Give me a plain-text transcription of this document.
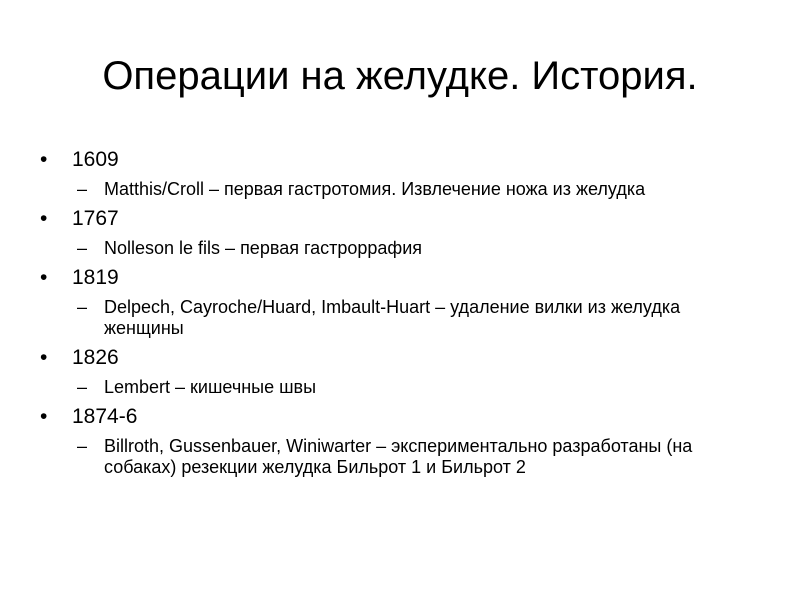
Операции на желудке. История.
• 1609
– Matthis/Croll – первая гастротомия. Извлечение ножа из желудка
• 1767
– Nolleson le fils – первая гастроррафия
• 1819
– Delpech, Cayroche/Huard, Imbault-Huart – удаление вилки из желудка женщины
• 1826
– Lembert – кишечные швы
• 1874-6
– Billroth, Gussenbauer, Winiwarter – экспериментально разработаны (на собаках) резекции желудка Бильрот 1 и Бильрот 2
